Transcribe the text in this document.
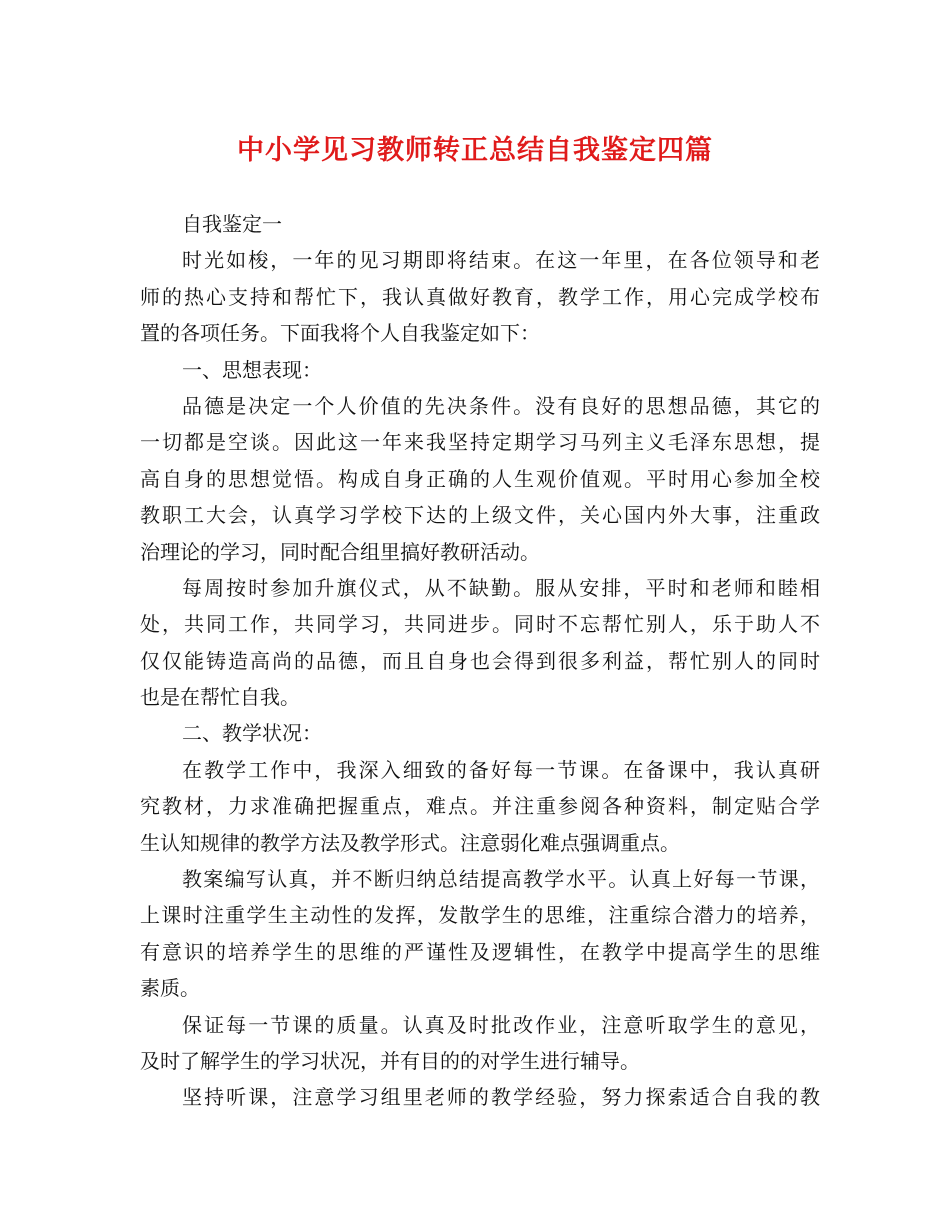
中小学见习教师转正总结自我鉴定四篇

自我鉴定一

时光如梭，一年的见习期即将结束。在这一年里，在各位领导和老

师的热心支持和帮忙下，我认真做好教育，教学工作，用心完成学校布

置的各项任务。下面我将个人自我鉴定如下：

一、思想表现：

品德是决定一个人价值的先决条件。没有良好的思想品德，其它的

一切都是空谈。因此这一年来我坚持定期学习马列主义毛泽东思想，提

高自身的思想觉悟。构成自身正确的人生观价值观。平时用心参加全校

教职工大会，认真学习学校下达的上级文件，关心国内外大事，注重政

治理论的学习，同时配合组里搞好教研活动。

每周按时参加升旗仪式，从不缺勤。服从安排，平时和老师和睦相

处，共同工作，共同学习，共同进步。同时不忘帮忙别人，乐于助人不

仅仅能铸造高尚的品德，而且自身也会得到很多利益，帮忙别人的同时

也是在帮忙自我。

二、教学状况：

在教学工作中，我深入细致的备好每一节课。在备课中，我认真研

究教材，力求准确把握重点，难点。并注重参阅各种资料，制定贴合学

生认知规律的教学方法及教学形式。注意弱化难点强调重点。

教案编写认真，并不断归纳总结提高教学水平。认真上好每一节课，

上课时注重学生主动性的发挥，发散学生的思维，注重综合潜力的培养，

有意识的培养学生的思维的严谨性及逻辑性，在教学中提高学生的思维

素质。

保证每一节课的质量。认真及时批改作业，注意听取学生的意见，

及时了解学生的学习状况，并有目的的对学生进行辅导。

坚持听课，注意学习组里老师的教学经验，努力探索适合自我的教
